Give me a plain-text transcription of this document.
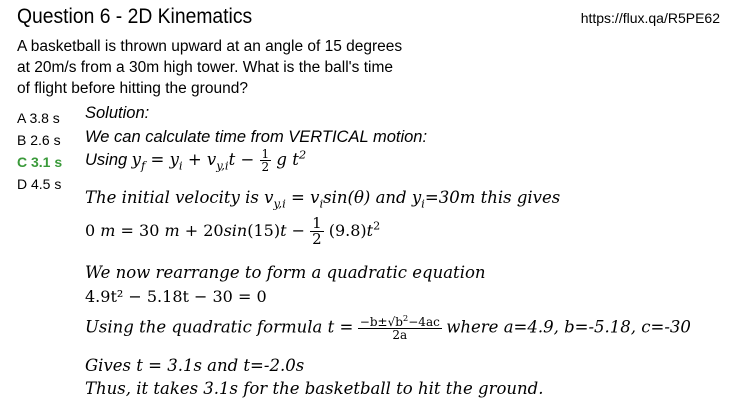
Question 6 - 2D Kinematics	https://flux.qa/R5PE62
A basketball is thrown upward at an angle of 15 degrees
at 20m/s from a 30m high tower. What is the ball's time
of flight before hitting the ground?
A 3.8 s
B 2.6 s
C 3.1 s
D 4.5 s
Solution:
We can calculate time from VERTICAL motion:
Using $y_f = y_i + v_{y,i}t - \frac{1}{2}$ g $t^2$
The initial velocity is $v_{y,i} = v_i\sin(\theta)$ and $y_i=30m$ this gives
0 m = 30 $m + 20\sin(15)t - \frac{1}{2} (9.8)t^2$
We now rearrange to form a quadratic equation
4.9t² − 5.18t − 30 = 0
Using the quadratic formula $t = \frac{-b\pm√b^2-4ac}{2a}$ where a=4.9, b=-5.18, c=-30
Gives t = 3.1s and t=-2.0s
Thus, it takes 3.1s for the basketball to hit the ground.
